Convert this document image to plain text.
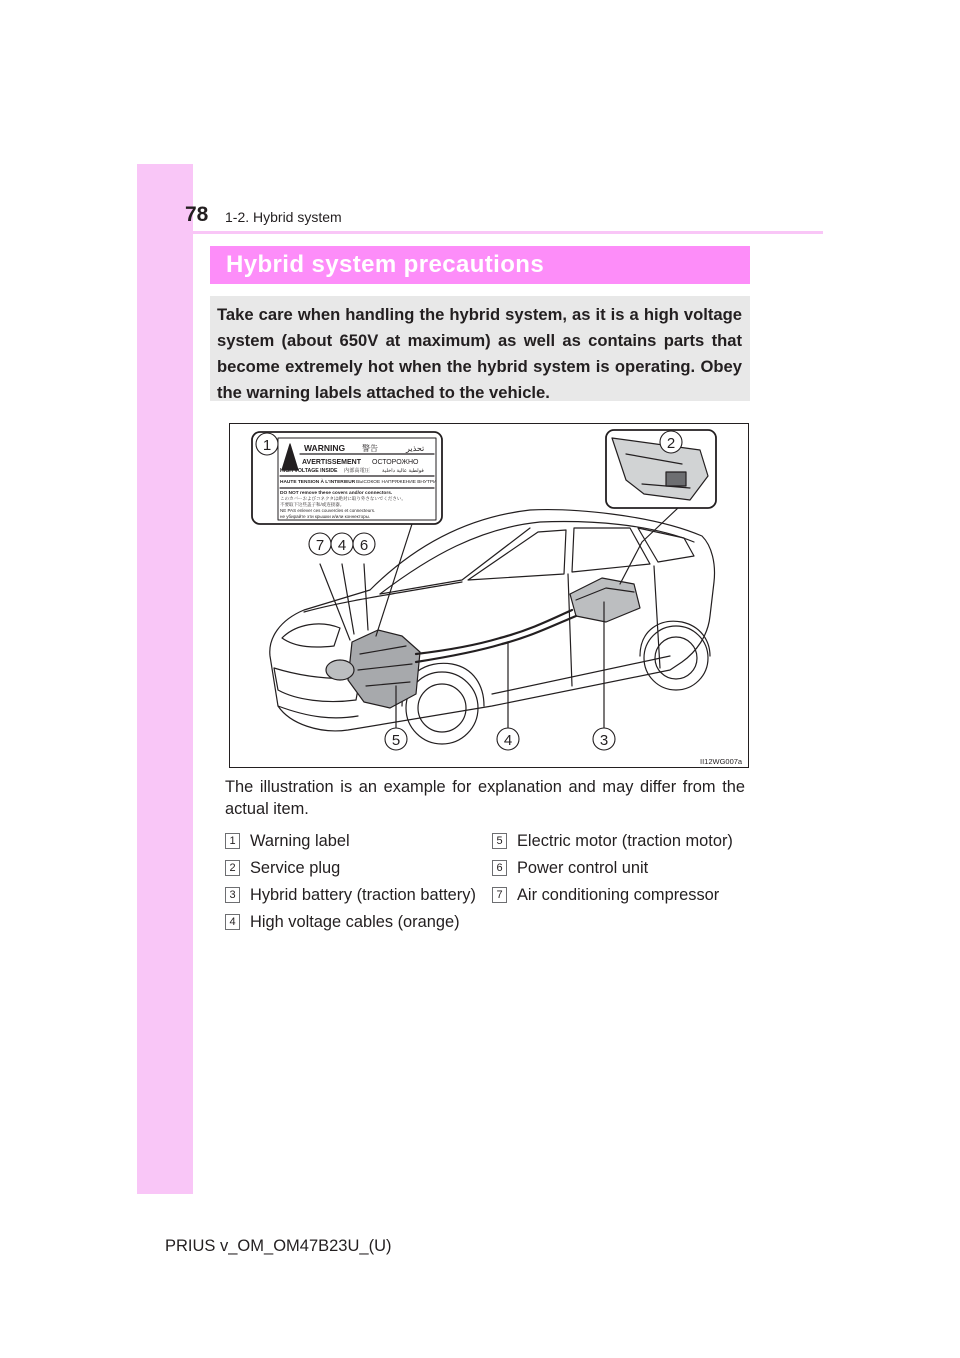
78 1-2. Hybrid system
Hybrid system precautions

Take care when handling the hybrid system, as it is a high voltage system (about 650V at maximum) as well as contains parts that become extremely hot when the hybrid system is operating. Obey the warning labels attached to the vehicle.

WARNING 警告	تحذير
AVERTISSEMENT ОСТОРОЖНО
HIGH VOLTAGE INSIDE 内部高電圧 فولطية عالية داخلية
HAUTE TENSION À L'INTERIEUR ВЫСОКОЕ НАПРЯЖЕНИЕ ВНУТРИ
DO NOT remove these covers and/or connectors.
このカバーおよびコネクタは絶対に取り外さないでください。
不要取下这些盖子和/或连接器。
NE PAS enlever ces couvercles et connecteurs.
не убирайте эти крышки и/или коннекторы.
1	2
7 4 6
5	4	3
II12WG007a

The illustration is an example for explanation and may differ from the actual item.

1 Warning label
2 Service plug
3 Hybrid battery (traction battery)
4 High voltage cables (orange)
5 Electric motor (traction motor)
6 Power control unit
7 Air conditioning compressor
PRIUS v_OM_OM47B23U_(U)
